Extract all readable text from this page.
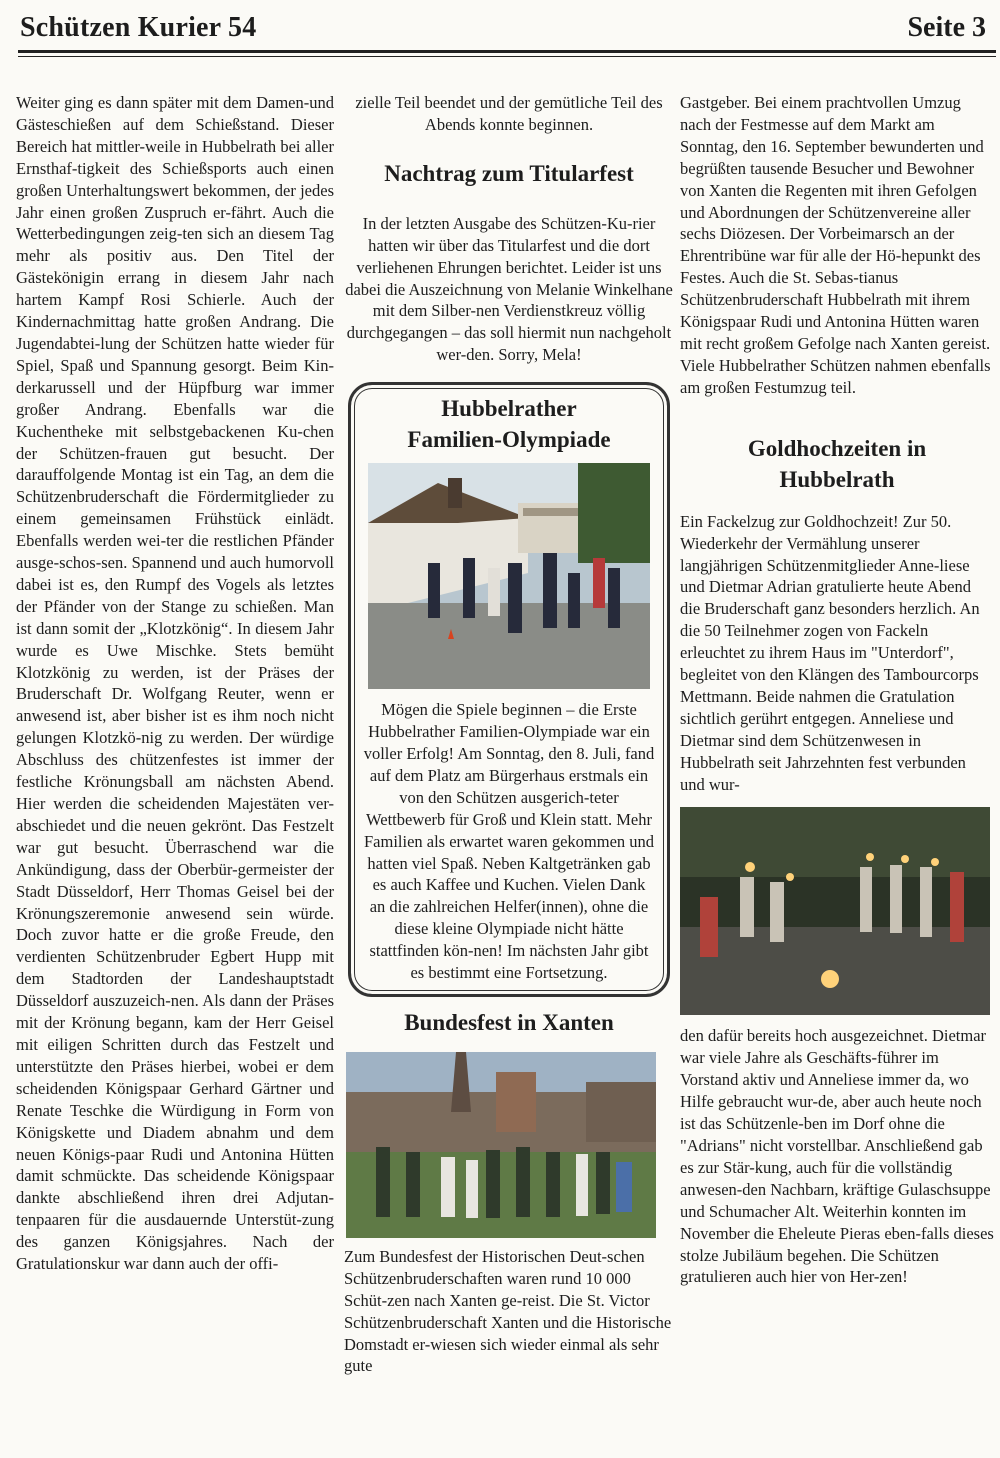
Schützen Kurier 54	Seite 3

Weiter ging es dann später mit dem Damen-und Gästeschießen auf dem Schießstand. Dieser Bereich hat mittler-weile in Hubbelrath bei aller Ernsthaf-tigkeit des Schießsports auch einen großen Unterhaltungswert bekommen, der jedes Jahr einen großen Zuspruch er-fährt. Auch die Wetterbedingungen zeig-ten sich an diesem Tag mehr als positiv aus. Den Titel der Gästekönigin errang in diesem Jahr nach hartem Kampf Rosi Schierle. Auch der Kindernachmittag hatte großen Andrang. Die Jugendabtei-lung der Schützen hatte wieder für Spiel, Spaß und Spannung gesorgt. Beim Kin-derkarussell und der Hüpfburg war immer großer Andrang. Ebenfalls war die Kuchentheke mit selbstgebackenen Ku-chen der Schützen-frauen gut besucht. Der darauffolgende Montag ist ein Tag, an dem die Schützenbruderschaft die Fördermitglieder zu einem gemeinsamen Frühstück einlädt. Ebenfalls werden wei-ter die restlichen Pfänder ausge-schos-sen. Spannend und auch humorvoll dabei ist es, den Rumpf des Vogels als letztes der Pfänder von der Stange zu schießen. Man ist dann somit der „Klotzkönig“. In diesem Jahr wurde es Uwe Mischke. Stets bemüht Klotzkönig zu werden, ist der Präses der Bruderschaft Dr. Wolfgang Reuter, wenn er anwesend ist, aber bisher ist es ihm noch nicht gelungen Klotzkö-nig zu werden. Der würdige Abschluss des chützenfestes ist immer der festliche Krönungsball am nächsten Abend. Hier werden die scheidenden Majestäten ver-abschiedet und die neuen gekrönt. Das Festzelt war gut besucht. Überraschend war die Ankündigung, dass der Oberbür-germeister der Stadt Düsseldorf, Herr Thomas Geisel bei der Krönungszeremonie anwesend sein würde. Doch zuvor hatte er die große Freude, den verdienten Schützenbruder Egbert Hupp mit dem Stadtorden der Landeshauptstadt Düsseldorf auszuzeich-nen. Als dann der Präses mit der Krönung begann, kam der Herr Geisel mit eiligen Schritten durch das Festzelt und unterstützte den Präses hierbei, wobei er dem scheidenden Königspaar Gerhard Gärtner und Renate Teschke die Würdigung in Form von Königskette und Diadem abnahm und dem neuen Königs-paar Rudi und Antonina Hütten damit schmückte. Das scheidende Königspaar dankte abschließend ihren drei Adjutan-tenpaaren für die ausdauernde Unterstüt-zung des ganzen Königsjahres. Nach der Gratulationskur war dann auch der offi-

zielle Teil beendet und der gemütliche Teil des Abends konnte beginnen.

Nachtrag zum Titularfest

In der letzten Ausgabe des Schützen-Ku-rier hatten wir über das Titularfest und die dort verliehenen Ehrungen berichtet. Leider ist uns dabei die Auszeichnung von Melanie Winkelhane mit dem Silber-nen Verdienstkreuz völlig durchgegangen – das soll hiermit nun nachgeholt wer-den. Sorry, Mela!

Hubbelrather
Familien-Olympiade

Mögen die Spiele beginnen – die Erste Hubbelrather Familien-Olympiade war ein voller Erfolg! Am Sonntag, den 8. Juli, fand auf dem Platz am Bürgerhaus erstmals ein von den Schützen ausgerich-teter Wettbewerb für Groß und Klein statt. Mehr Familien als erwartet waren gekommen und hatten viel Spaß. Neben Kaltgetränken gab es auch Kaffee und Kuchen. Vielen Dank an die zahlreichen Helfer(innen), ohne die diese kleine Olympiade nicht hätte stattfinden kön-nen! Im nächsten Jahr gibt es bestimmt eine Fortsetzung.

Bundesfest in Xanten

Zum Bundesfest der Historischen Deut-schen Schützenbruderschaften waren rund 10 000 Schüt-zen nach Xanten ge-reist. Die St. Victor Schützenbruderschaft Xanten und die Historische Domstadt er-wiesen sich wieder einmal als sehr gute

Gastgeber. Bei einem prachtvollen Umzug nach der Festmesse auf dem Markt am Sonntag, den 16. September bewunderten und begrüßten tausende Besucher und Bewohner von Xanten die Regenten mit ihren Gefolgen und Abordnungen der Schützenvereine aller sechs Diözesen. Der Vorbeimarsch an der Ehrentribüne war für alle der Hö-hepunkt des Festes. Auch die St. Sebas-tianus Schützenbruderschaft Hubbelrath mit ihrem Königspaar Rudi und Antonina Hütten waren mit recht großem Gefolge nach Xanten gereist. Viele Hubbelrather Schützen nahmen ebenfalls am großen Festumzug teil.

Goldhochzeiten in
Hubbelrath

Ein Fackelzug zur Goldhochzeit! Zur 50. Wiederkehr der Vermählung unserer langjährigen Schützenmitglieder Anne-liese und Dietmar Adrian gratulierte heute Abend die Bruderschaft ganz besonders herzlich. An die 50 Teilnehmer zogen von Fackeln erleuchtet zu ihrem Haus im "Unterdorf", begleitet von den Klängen des Tambourcorps Mettmann. Beide nahmen die Gratulation sichtlich gerührt entgegen. Anneliese und Dietmar sind dem Schützenwesen in Hubbelrath seit Jahrzehnten fest verbunden und wur-

den dafür bereits hoch ausgezeichnet. Dietmar war viele Jahre als Geschäfts-führer im Vorstand aktiv und Anneliese immer da, wo Hilfe gebraucht wur-de, aber auch heute noch ist das Schützenle-ben im Dorf ohne die "Adrians" nicht vorstellbar. Anschließend gab es zur Stär-kung, auch für die vollständig anwesen-den Nachbarn, kräftige Gulaschsuppe und Schumacher Alt. Weiterhin konnten im November die Eheleute Pieras eben-falls dieses stolze Jubiläum begehen. Die Schützen gratulieren auch hier von Her-zen!
